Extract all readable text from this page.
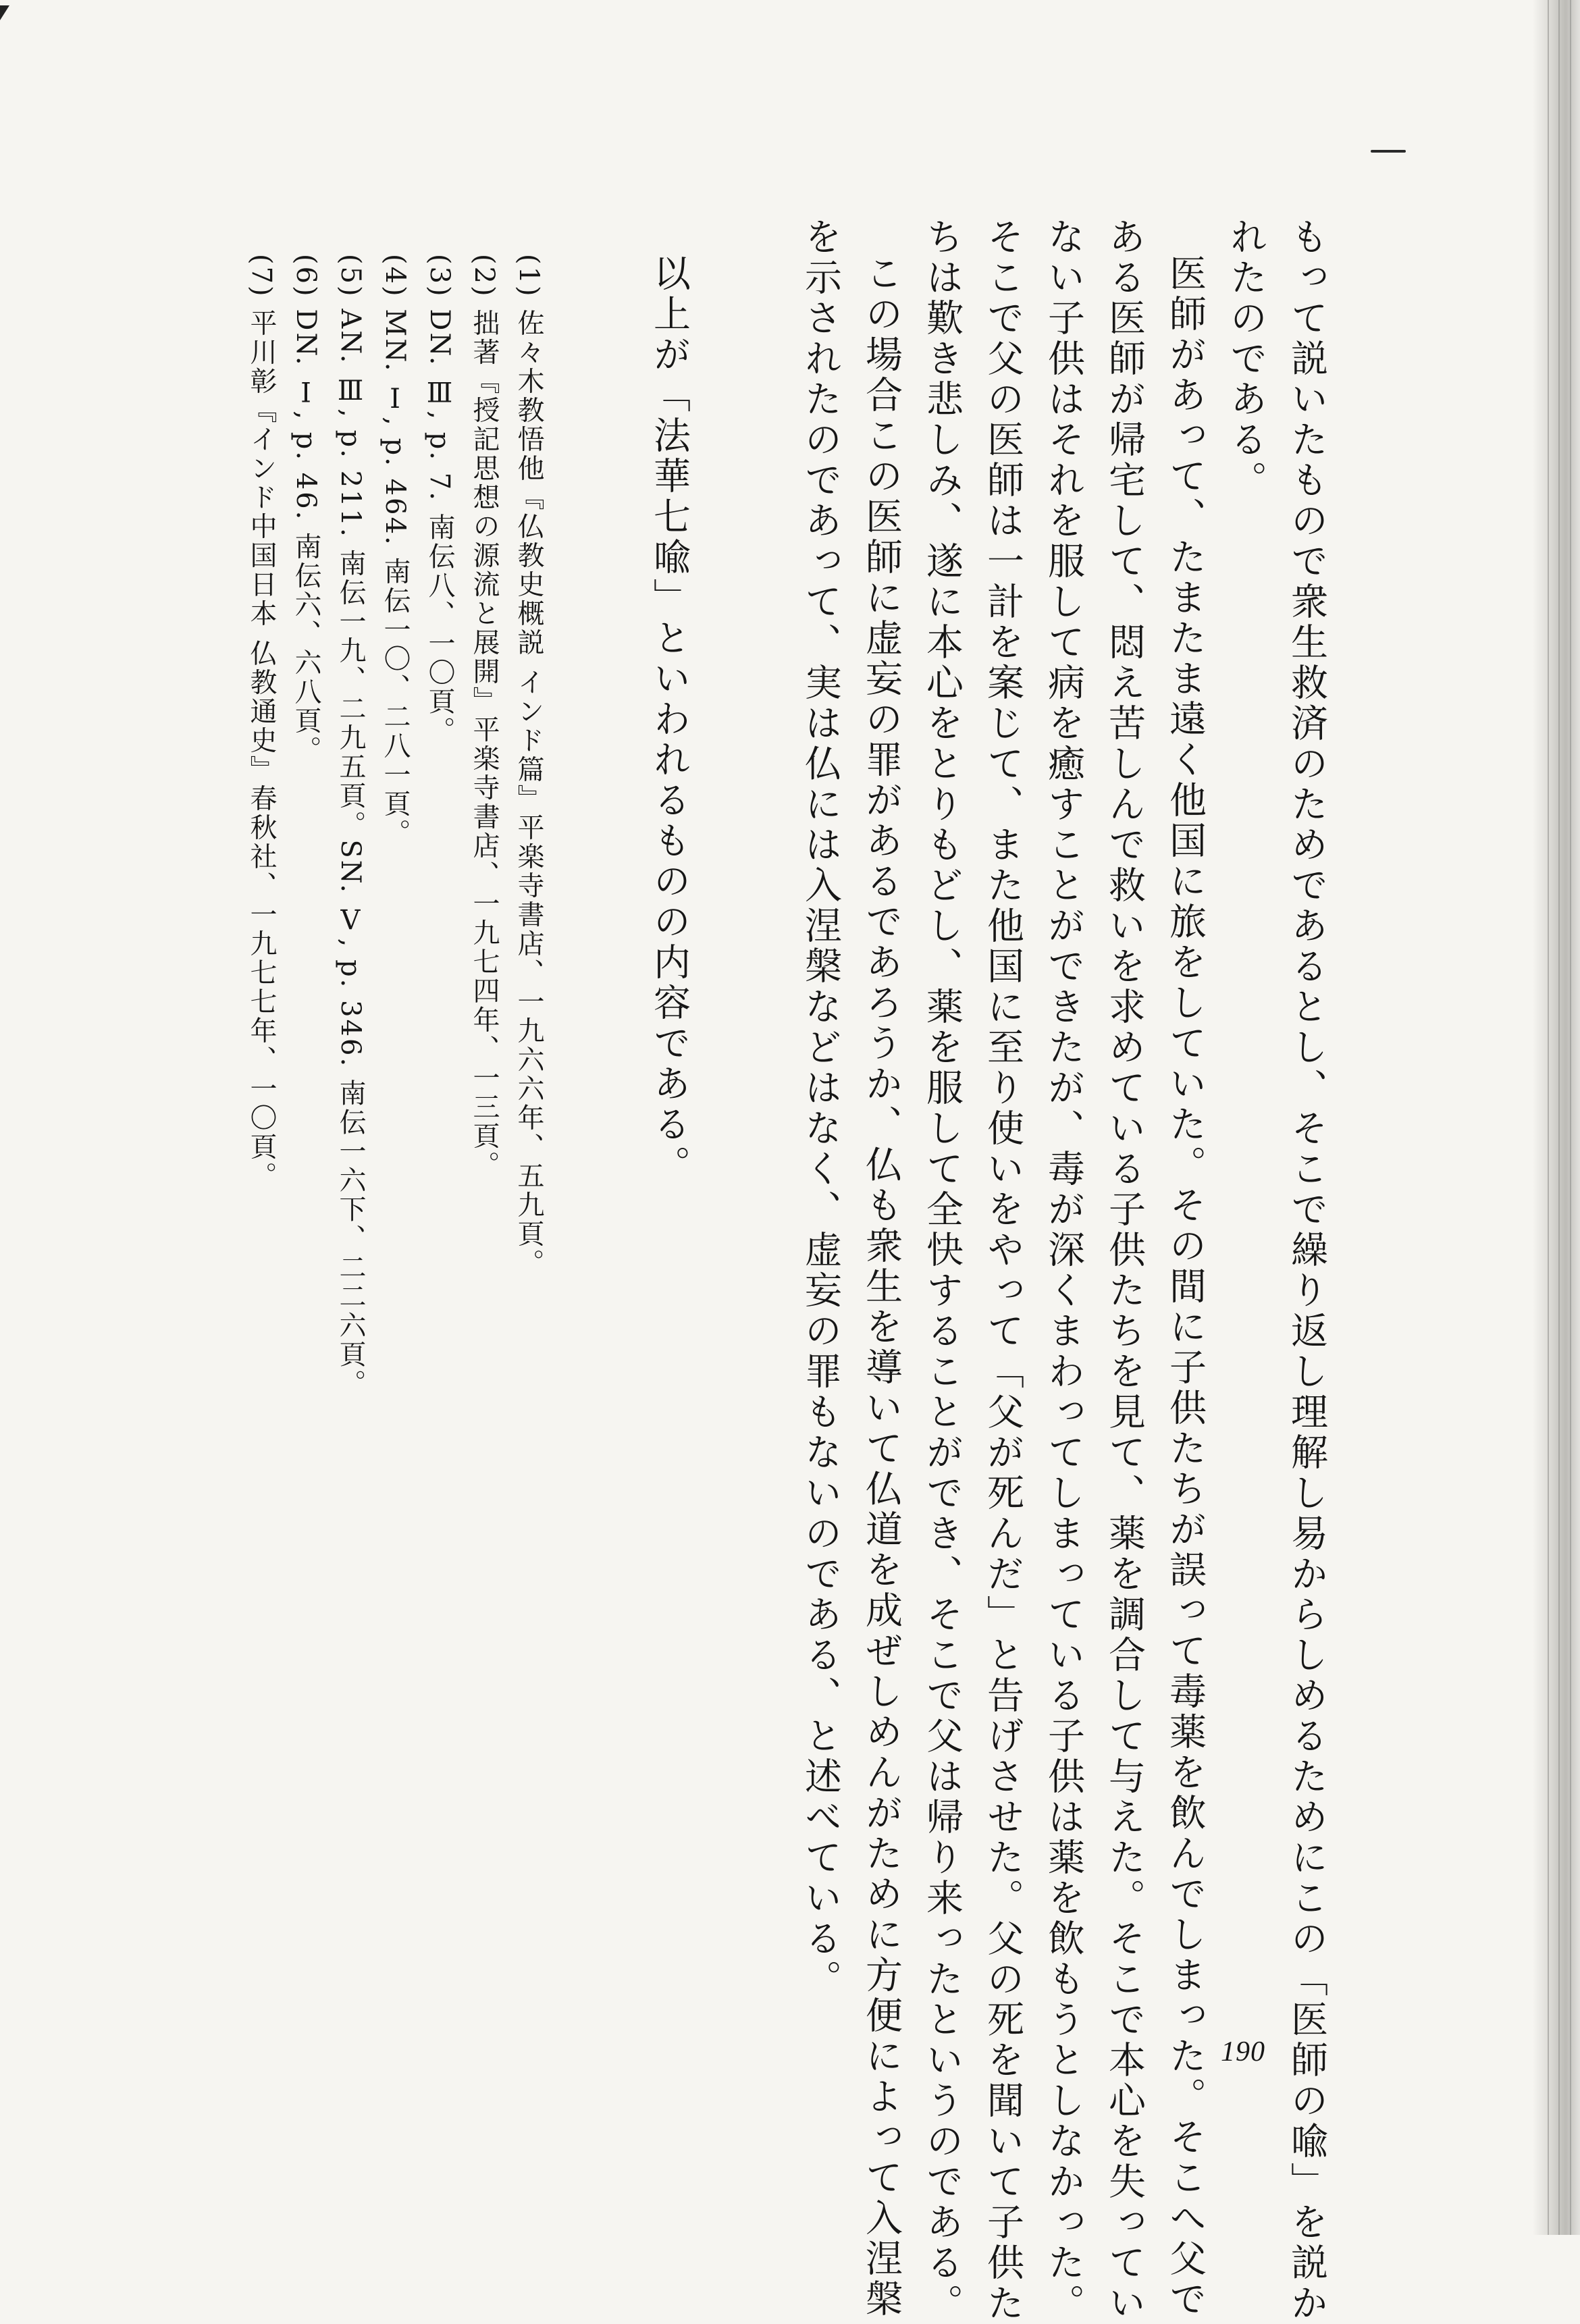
もって説いたもので衆生救済のためであるとし、そこで繰り返し理解し易からしめるためにこの「医師の喩」を説か
れたのである。
医師があって、たまたま遠く他国に旅をしていた。その間に子供たちが誤って毒薬を飲んでしまった。そこへ父で
ある医師が帰宅して、悶え苦しんで救いを求めている子供たちを見て、薬を調合して与えた。そこで本心を失ってい
ない子供はそれを服して病を癒すことができたが、毒が深くまわってしまっている子供は薬を飲もうとしなかった。
そこで父の医師は一計を案じて、また他国に至り使いをやって「父が死んだ」と告げさせた。父の死を聞いて子供た
ちは歎き悲しみ、遂に本心をとりもどし、薬を服して全快することができ、そこで父は帰り来ったというのである。
この場合この医師に虚妄の罪があるであろうか、仏も衆生を導いて仏道を成ぜしめんがために方便によって入涅槃
を示されたのであって、実は仏には入涅槃などはなく、虚妄の罪もないのである、と述べている。
以上が「法華七喩」といわれるものの内容である。
(1) 佐々木教悟他『仏教史概説 インド篇』平楽寺書店、一九六六年、五九頁。
(2) 拙著『授記思想の源流と展開』平楽寺書店、一九七四年、一三頁。
(3) DN. Ⅲ, p. 7. 南伝八、一〇頁。
(4) MN. Ⅰ, p. 464. 南伝一〇、二八一頁。
(5) AN. Ⅲ, p. 211. 南伝一九、二九五頁。SN. Ⅴ, p. 346. 南伝一六下、二二六頁。
(6) DN. Ⅰ, p. 46. 南伝六、六八頁。
(7) 平川彰『インド中国日本 仏教通史』春秋社、一九七七年、一〇頁。
190
